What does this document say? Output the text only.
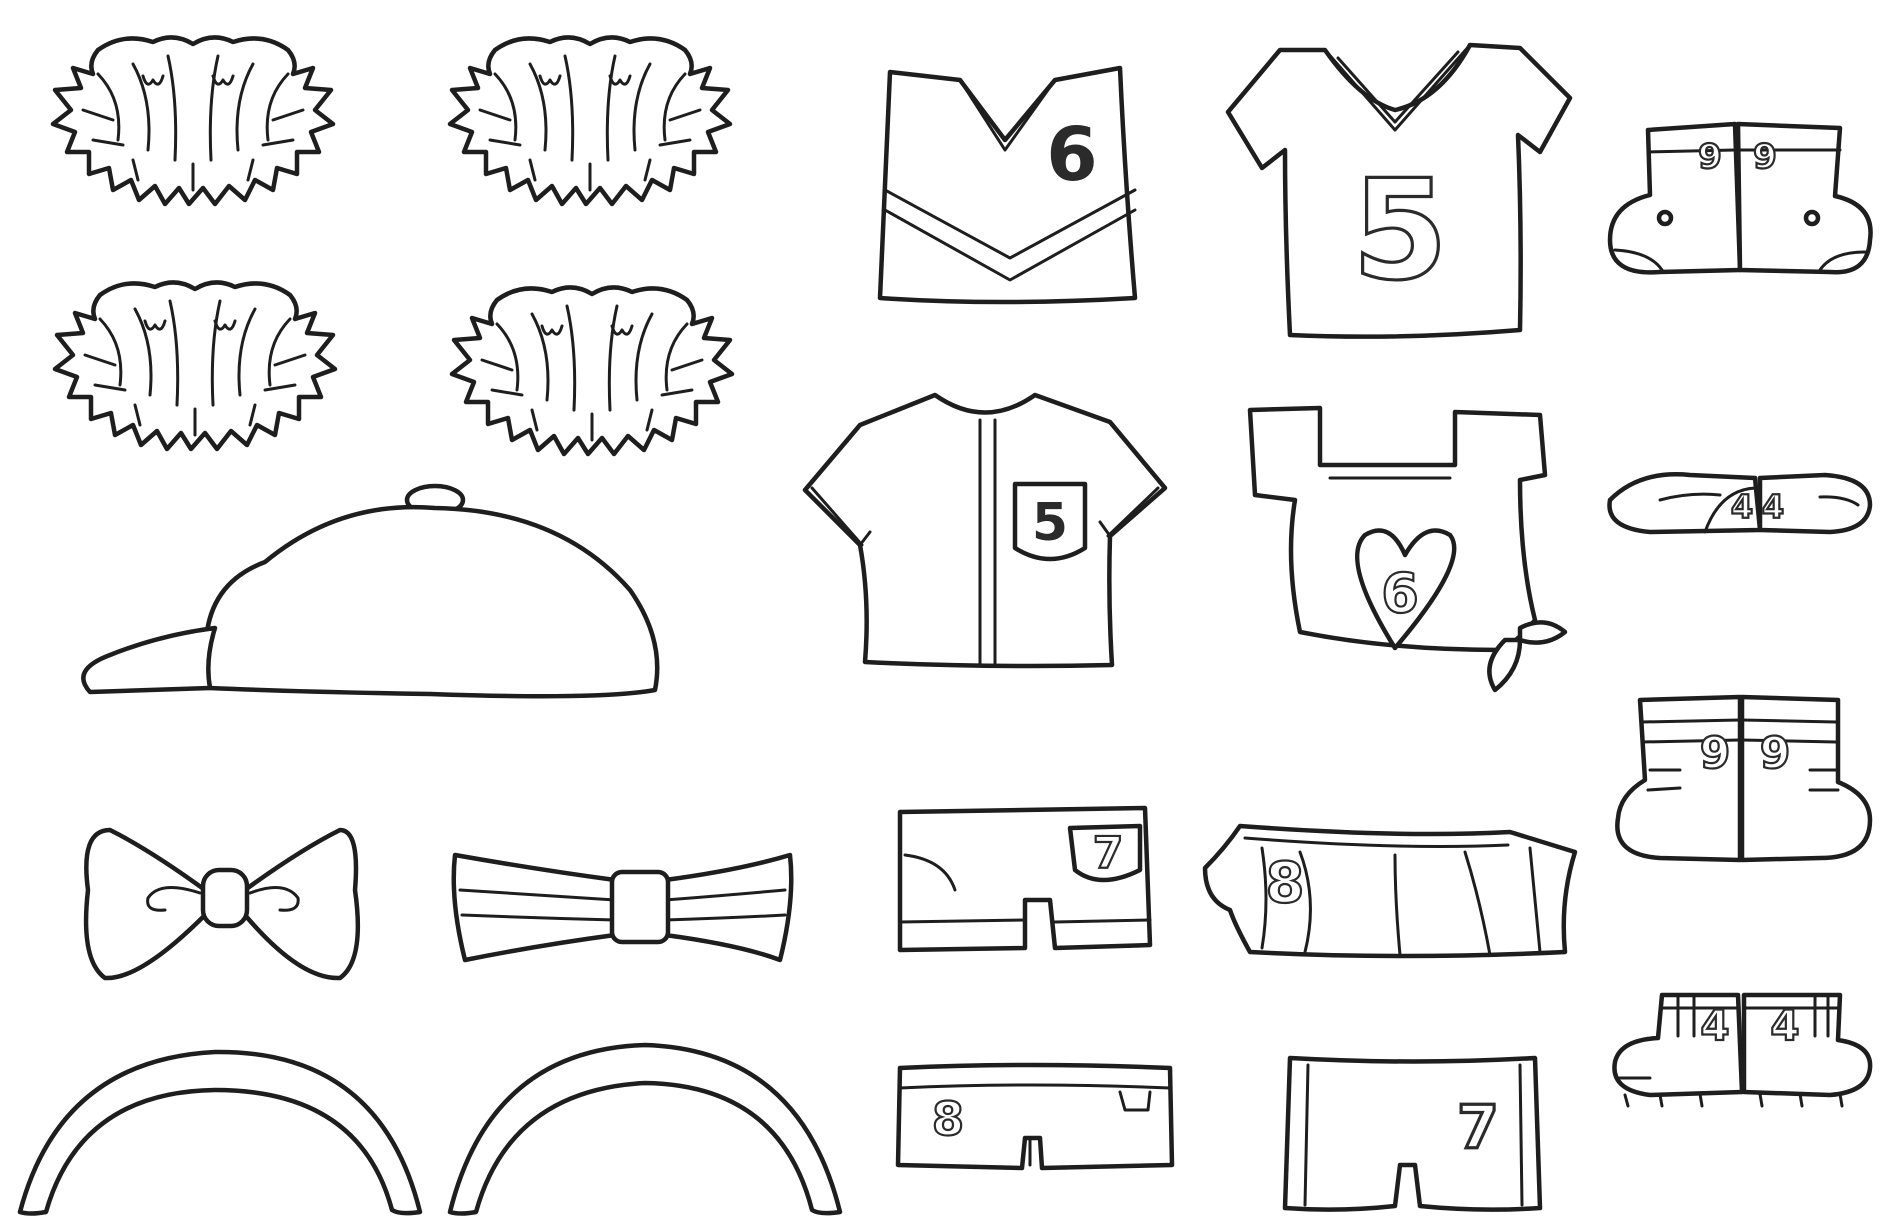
6 5	9 9
5
6
4 4
7	8
9 9
8	7
4 4
